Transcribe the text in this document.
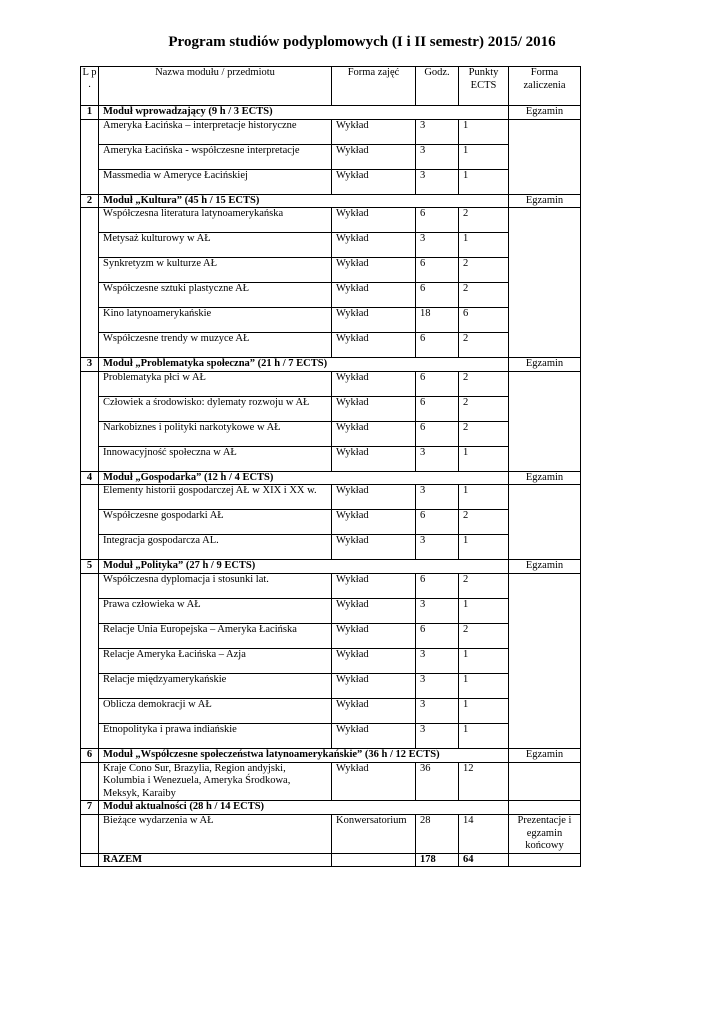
Program studiów podyplomowych (I i II semestr) 2015/ 2016
L p .	Nazwa modułu / przedmiotu	Forma zajęć	Godz.	Punkty ECTS	Forma zaliczenia
1	Moduł wprowadzający (9 h / 3 ECTS)				Egzamin
	Ameryka Łacińska – interpretacje historyczne	Wykład	3	1	
	Ameryka Łacińska - współczesne interpretacje	Wykład	3	1	
	Massmedia w Ameryce Łacińskiej	Wykład	3	1	
2	Moduł „Kultura” (45 h / 15 ECTS)				Egzamin
	Współczesna literatura latynoamerykańska	Wykład	6	2	
	Metysaż kulturowy w AŁ	Wykład	3	1	
	Synkretyzm w kulturze AŁ	Wykład	6	2	
	Współczesne sztuki plastyczne AŁ	Wykład	6	2	
	Kino latynoamerykańskie	Wykład	18	6	
	Współczesne trendy w muzyce AŁ	Wykład	6	2	
3	Moduł „Problematyka społeczna” (21 h / 7 ECTS)				Egzamin
	Problematyka płci w AŁ	Wykład	6	2	
	Człowiek a środowisko: dylematy rozwoju w AŁ	Wykład	6	2	
	Narkobiznes i polityki narkotykowe w AŁ	Wykład	6	2	
	Innowacyjność społeczna w AŁ	Wykład	3	1	
4	Moduł „Gospodarka” (12 h / 4 ECTS)				Egzamin
	Elementy historii gospodarczej AŁ w XIX i XX w.	Wykład	3	1	
	Współczesne gospodarki AŁ	Wykład	6	2	
	Integracja gospodarcza AL.	Wykład	3	1	
5	Moduł „Polityka” (27 h / 9 ECTS)				Egzamin
	Współczesna dyplomacja i stosunki lat.	Wykład	6	2	
	Prawa człowieka w AŁ	Wykład	3	1	
	Relacje Unia Europejska – Ameryka Łacińska	Wykład	6	2	
	Relacje Ameryka Łacińska – Azja	Wykład	3	1	
	Relacje międzyamerykańskie	Wykład	3	1	
	Oblicza demokracji w AŁ	Wykład	3	1	
	Etnopolityka i prawa indiańskie	Wykład	3	1	
6	Moduł „Współczesne społeczeństwa latynoamerykańskie” (36 h / 12 ECTS)				Egzamin
	Kraje Cono Sur, Brazylia, Region andyjski, Kolumbia i Wenezuela, Ameryka Środkowa, Meksyk, Karaiby	Wykład	36	12	
7	Moduł aktualności (28 h / 14 ECTS)				
	Bieżące wydarzenia w AŁ	Konwersatorium	28	14	Prezentacje i egzamin końcowy
	RAZEM		178	64	
